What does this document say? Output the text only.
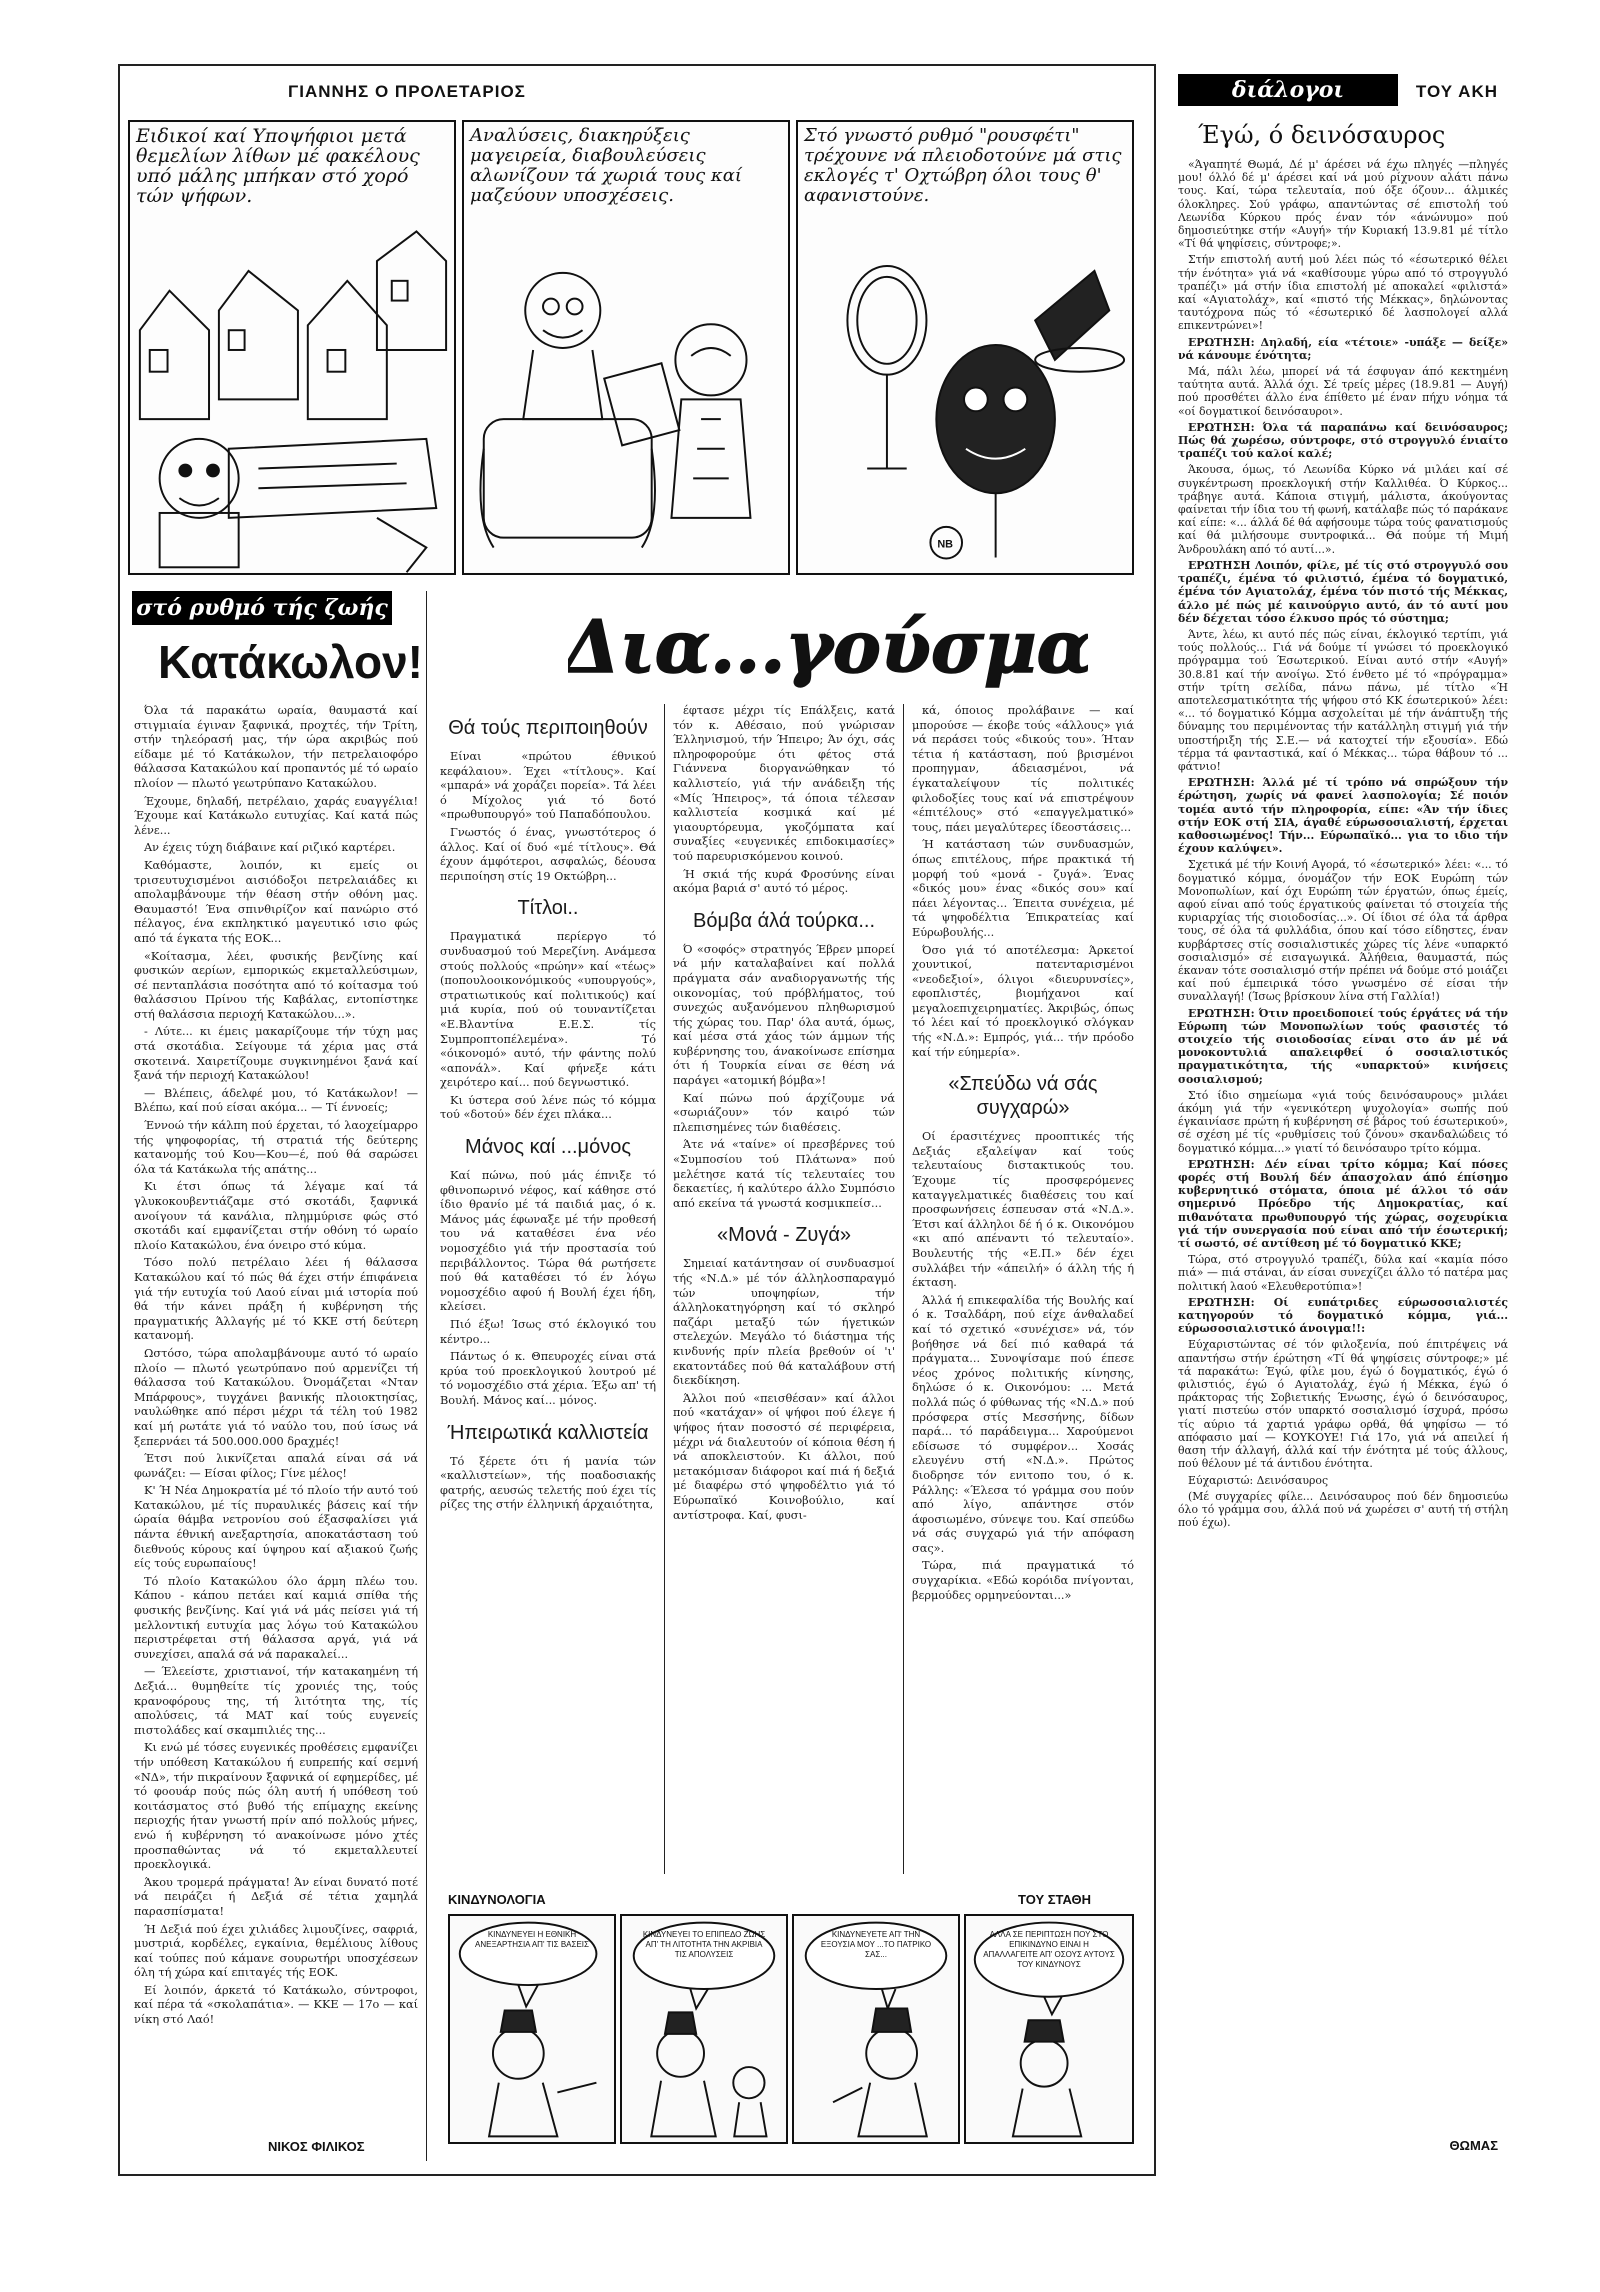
ΓΙΑΝΝΗΣ Ο ΠΡΟΛΕΤΑΡΙΟΣ	ΤΟΥ ΑΚΗ
Ειδικοί καί Υποψήφιοι μετά θεμελίων λίθων μέ φακέλους υπό μάλης μπήκαν στό χορό τών ψήφων.
Αναλύσεις, διακηρύξεις μαγειρεία, διαβουλεύσεις αλωνίζουν τά χωριά τους καί μαζεύουν υποσχέσεις.
NB
Στό γνωστό ρυθμό "ρουσφέτι" τρέχουνε νά πλειοδοτούνε μά στις εκλογές τ' Οχτώβρη όλοι τους θ' αφανιστούνε.
στό ρυθμό τής ζωής
Κατάκωλον!

Όλα τά παρακάτω ωραία, θαυμαστά καί στιγμιαία έγιναν ξαφνικά, προχτές, τήν Τρίτη, στήν τηλεόρασή μας, τήν ώρα ακριβώς πού είδαμε μέ τό Κατάκωλον, τήν πετρελαιοφόρο θάλασσα Κατακώλου καί προπαντός μέ τό ωραίο πλοίον — πλωτό γεωτρύπανο Κατακώλου.

Έχουμε, δηλαδή, πετρέλαιο, χαράς ευαγγέλια! Έχουμε καί Κατάκωλο ευτυχίας. Καί κατά πώς λένε...

Αν έχεις τύχη διάβαινε καί ριζικό καρτέρει.

Καθόμαστε, λοιπόν, κι εμείς οι τρισευτυχισμένοι αισιόδοξοι πετρελαιάδες κι απολαμβάνουμε τήν θέαση στήν οθόνη μας. Θαυμαστό! Ένα σπινθιρίζον καί πανώριο στό πέλαγος, ένα εκπληκτικό μαγευτικό ισιο φώς από τά έγκατα τής ΕΟΚ...

«Κοίτασμα, λέει, φυσικής βενζίνης καί φυσικών αερίων, εμπορικώς εκμεταλλεύσιμων, σέ πενταπλάσια ποσότητα από τό κοίτασμα τού θαλάσσιου Πρίνου τής Καβάλας, εντοπίστηκε στή θαλάσσια περιοχή Κατακώλου...».

- Λύτε... κι έμεις μακαρίζουμε τήν τύχη μας στά σκοτάδια. Σείγουμε τά χέρια μας στά σκοτεινά. Χαιρετίζουμε συγκινημένοι ξανά καί ξανά τήν περιοχή Κατακώλου!

— Βλέπεις, άδελφέ μου, τό Κατάκωλον! — Βλέπω, καί πού είσαι ακόμα... — Τί έννοείς;

Έννοώ τήν κάλπη πού έρχεται, τό λαοχείμαρρο τής ψηφοφορίας, τή στρατιά τής δεύτερης κατανομής τού Κου—Κου—έ, πού θά σαρώσει όλα τά Κατάκωλα τής απάτης...

Κι έτσι όπως τά λέγαμε καί τά γλυκοκουβεντιάζαμε στό σκοτάδι, ξαφνικά ανοίγουν τά κανάλια, πλημμύρισε φώς στό σκοτάδι καί εμφανίζεται στήν οθόνη τό ωραίο πλοίο Κατακώλου, ένα όνειρο στό κύμα.

Τόσο πολύ πετρέλαιο λέει ή θάλασσα Κατακώλου καί τό πώς θά έχει στήν έπιφάνεια γιά τήν ευτυχία τού Λαού είναι μιά ιστορία πού θά τήν κάνει πράξη ή κυβέρνηση τής πραγματικής Άλλαγής μέ τό ΚΚΕ στή δεύτερη κατανομή.

Ωστόσο, τώρα απολαμβάνουμε αυτό τό ωραίο πλοίο — πλωτό γεωτρύπανο πού αρμενίζει τή θάλασσα τού Κατακώλου. Όνομάζεται «Νταν Μπάρφους», τυγχάνει βανικής πλοιοκτησίας, ναυλώθηκε από πέρσι μέχρι τά τέλη τού 1982 καί μή ρωτάτε γιά τό ναύλο του, πού ίσως νά ξεπερνάει τά 500.000.000 δραχμές!

Έτσι πού λικνίζεται απαλά είναι σά νά φωνάζει: — Είσαι φίλος; Γίνε μέλος!

Κ' Ή Νέα Δημοκρατία μέ τό πλοίο τήν αυτό τού Κατακώλου, μέ τίς πυραυλικές βάσεις καί τήν ώραία θάμβα νετρονίου σού έξασφαλίσει γιά πάντα έθνική ανεξαρτησία, αποκατάσταση τού διεθνούς κύρους καί ύψηρου καί αξιακού ζωής είς τούς ευρωπαίους!

Τό πλοίο Κατακώλου όλο άρμη πλέω του. Κάπου - κάπου πετάει καί καμιά σπίθα τής φυσικής βενζίνης. Καί γιά νά μάς πείσει γιά τή μελλοντική ευτυχία μας λόγω τού Κατακώλου περιστρέφεται στή θάλασσα αργά, γιά νά συνεχίσει, απαλά σά νά παρακαλεί...

— Έλεείστε, χριστιανοί, τήν κατακαημένη τή Δεξιά... θυμηθείτε τίς χρονιές της, τούς κρανοφόρους της, τή λιτότητα της, τίς απολύσεις, τά ΜΑΤ καί τούς ευγενείς πιστολάδες καί σκαμπιλιές της...

Κι ενώ μέ τόσες ευγενικές προθέσεις εμφανίζει τήν υπόθεση Κατακώλου ή ευπρεπής καί σεμνή «ΝΔ», τήν πικραίνουν ξαφνικά οί εφημερίδες, μέ τό φοουάρ πούς πώς όλη αυτή ή υπόθεση τού κοιτάσματος στό βυθό τής επίμαχης εκείνης περιοχής ήταν γνωστή πρίν από πολλούς μήνες, ενώ ή κυβέρνηση τό ανακοίνωσε μόνο χτές προσπαθώντας νά τό εκμεταλλευτεί προεκλογικά.

Άκου τρομερά πράγματα! Άν είναι δυνατό ποτέ νά πειράζει ή Δεξιά σέ τέτια χαμηλά παρασπίσματα!

Ή Δεξιά πού έχει χιλιάδες λιμουζίνες, σαφριά, μυστριά, κορδέλες, εγκαίνια, θεμέλιους λίθους καί τούπες πού κάμανε σουρωτήρι υποσχέσεων όλη τή χώρα καί επιταγές τής ΕΟΚ.

Εί λοιπόν, άρκετά τό Κατάκωλο, σύντροφοι, καί πέρα τά «σκολαπάτια». — ΚΚΕ — 17ο — καί νίκη στό Λαό!

ΝΙΚΟΣ ΦΙΛΙΚΟΣ
Δια...γούσμα
Θά τούς περιποιηθούν

Είναι «πρώτου έθνικού κεφάλαιου». Έχει «τίτλους». Καί «μπαρά» νά χοράζει πορεία». Τά λέει ό Μίχολος γιά τό δοτό «πρωθυπουργό» τού Παπαδόπουλου.

Γνωστός ό ένας, γνωστότερος ό άλλος. Καί οί δυό «μέ τίτλους». Θά έχουν άμφότεροι, ασφαλώς, δέουσα περιποίηση στίς 19 Οκτώβρη...

Τίτλοι..

Πραγματικά περίεργο τό συνδυασμού τού Μερεζίνη. Ανάμεσα στούς πολλούς «πρώην» καί «τέως» (ποπουλοοικονόμικούς «υπουργούς», στρατιωτικούς καί πολιτικούς) καί μιά κυρία, πού ού τουναντίζεται «Ε.Βλαντίνα Ε.Ε.Σ. τίς Συμπροπτοπέλεμένα». Τό «όικονομό» αυτό, τήν φάντης πολύ «απονάλ». Καί φήνεξε κάτι χειρότερο καί... πού δεγνωστικό.

Κι ύστερα σού λένε πώς τό κόμμα τού «δοτού» δέν έχει πλάκα...

Μάνος καί ...μόνος

Καί πώνω, πού μάς έπνιξε τό φθινοπωρινό νέφος, καί κάθησε στό ίδιο θρανίο μέ τά παιδιά μας, ό κ. Μάνος μάς έφωναξε μέ τήν προθεσή του νά καταθέσει ένα νέο νομοσχέδιο γιά τήν προστασία τού περιβάλλοντος. Τώρα θά ρωτήσετε πού θά καταθέσει τό έν λόγω νομοσχέδιο αφού ή Βουλή έχει ήδη, κλείσει.

Πιό έξω! Ίσως στό έκλογικό του κέντρο...

Πάντως ό κ. Θπευροχές είναι στά κρύα τού προεκλογικού λουτρού μέ τό νομοσχέδιο στά χέρια. Έξω απ' τή Βουλή. Μάνος καί... μόνος.

Ήπειρωτικά καλλιστεία

Τό ξέρετε ότι ή μανία τών «καλλιστείων», τής ποαδοσιακής φατρής, αευσώς τελετής πού έχει τίς ρίζες της στήν έλληνική άρχαιότητα,

έφτασε μέχρι τίς Επάλξεις, κατά τόν κ. Αθέσαιο, πού γνώρισαν Έλληνισμού, τήν Ήπειρο; Άν όχι, σάς πληροφορούμε ότι φέτος στά Γιάννενα διοργανώθηκαν τό καλλιστείο, γιά τήν ανάδειξη τής «Μίς Ήπειρος», τά όποια τέλεσαν καλλιστεία κοσμικά καί μέ γιαουρτόρευμα, γκοζόμπατα καί συναξίες «ευγενικές επιδοκιμασίες» τού παρευρισκόμενου κοινού.

Ή σκιά τής κυρά Φροσύνης είναι ακόμα βαριά σ' αυτό τό μέρος.

Βόμβα άλά τούρκα...

Ό «σοφός» στρατηγός Έβρεν μπορεί νά μήν καταλαβαίνει καί πολλά πράγματα σάν αναδιοργανωτής τής οικονομίας, τού πρόβλήματος, τού συνεχώς αυξανόμενου πληθωρισμού τής χώρας του. Παρ' όλα αυτά, όμως, καί μέσα στά χάος τών άμμων τής κυβέρνησης του, άνακοίνωσε επίσημα ότι ή Τουρκία είναι σε θέση νά παράγει «ατομική βόμβα»!

Καί πώνω πού άρχίζουμε νά «σωριάζουν» τόν καιρό τών πλεπισημένες τών διαθέσεις.

Άτε νά «ταίνε» οί πρεσβέρνες τού «Συμποσίου τού Πλάτωνα» πού μελέτησε κατά τίς τελευταίες του δεκαετίες, ή καλύτερο άλλο Συμπόσιο από εκείνα τά γνωστά κοσμικπείσ...

«Μονά - Ζυγά»

Σημειαί κατάντησαν οί συνδυασμοί τής «Ν.Δ.» μέ τόν άλληλοσπαραγμό τών υποψηφίων, τήν άλληλοκατηγόρηση καί τό σκληρό παζάρι μεταξύ τών ήγετικών στελεχών. Μεγάλο τό διάστημα τής κινδυνής πρίν πλεία βρεθούν οί 'ι' εκατοντάδες πού θά καταλάβουν στή διεκδίκηση.

Άλλοι πού «πεισθέσαν» καί άλλοι πού «κατάχαν» οί ψήφοι πού έλεγε ή ψήφος ήταν ποσοστό σέ περιφέρεια, μέχρι νά διαλευτούν οί κόποια θέση ή νά αποκλειστούν. Κι άλλοι, πού μετακόμισαν διάφοροι καί πιά ή δεξιά μέ διαφέρω στό ψηφοδέλτιο γιά τό Εύρωπαϊκό Κοινοβούλιο, καί αντίστροφα. Καί, φυσι-

κά, όποιος προλάβαινε — καί μπορούσε — έκοβε τούς «άλλους» γιά νά περάσει τούς «δικούς του». Ήταν τέτια ή κατάσταση, πού βρισμένοι προπηγμαν, άδειασμένοι, νά έγκαταλείψουν τίς πολιτικές φιλοδοξίες τους καί νά επιστρέψουν «έπιτέλους» στό «επαγγελματικό» τους, πάει μεγαλύτερες ίδεοστάσεις...

Ή κατάσταση τών συνδυασμών, όπως επιτέλους, πήρε πρακτικά τή μορφή τού «μονά - ζυγά». Ένας «δικός μου» ένας «δικός σου» καί πάει λέγοντας... Έπειτα συνέχεια, μέ τά ψηφοδέλτια Έπικρατείας καί Εύρωβουλής...

Όσο γιά τό αποτέλεσμα: Άρκετοί χουντικοί, πατενταρισμένοι «νεοδεξιοί», όλιγοι «διευρυνσίες», εφοπλιστές, βιομήχανοι καί μεγαλοεπιχειρηματίες. Άκριβώς, όπως τό λέει καί τό προεκλογικό σλόγκαν τής «Ν.Δ.»: Εμπρός, γιά... τήν πρόοδο καί τήν εύημερία».

«Σπεύδω νά σάς συγχαρώ»

Οί έρασιτέχνες προοπτικές τής Δεξιάς εξαλείψαν καί τούς τελευταίους διστακτικούς του. Έχουμε τίς προσφερόμενες καταγγελματικές διαθέσεις του καί προσφωνήσεις έσπευσαν στά «Ν.Δ.». Έτσι καί άλληλοι δέ ή ό κ. Οικονόμου «κι από απέναντι τό τελευταίο». Βουλευτής τής «Ε.Π.» δέν έχει συλλάβει τήν «άπειλή» ό άλλη τής ή έκταση.

Άλλά ή επικεφαλίδα τής Βουλής καί ό κ. Τσαλδάρη, πού είχε άνθαλαδεί καί τό σχετικό «συνέχισε» νά, τόν βοήθησε νά δεί πιό καθαρά τά πράγματα... Συνοψίσαμε πού έπεσε νέος χρόνος πολιτικής κίνησης, δηλώσε ό κ. Οικονόμου: ... Μετά πολλά πώς ό φύθωνας τής «Ν.Δ.» πού πρόσφερα στίς Μεσσήνης, δίδων παρά... τό παράδειγμα... Χαρούμενοι εδίσωσε τό συμφέρον... Χοσάς ελευγένυ στή «Ν.Δ.». Πρώτος διοδρησε τόν ενιτοπο του, ό κ. Ράλλης: «Έλεσα τό γράμμα σου πούν από λίγο, απάντησε στόν άφοσιωμένο, σύνεψε του. Καί σπεύδω νά σάς συγχαρώ γιά τήν απόφαση σας».

Τώρα, πιά πραγματικά τό συγχαρίκια. «Εδώ κορόιδα πνίγονται, βερμούδες ορμηνεύονται...»

ΚΙΝΔΥΝΟΛΟΓΙΑ	ΤΟΥ ΣΤΑΘΗ
ΚΙΝΔΥΝΕΥΕΙ Η ΕΘΝΙΚΗ ΑΝΕΞΑΡΤΗΣΙΑ ΑΠ' ΤΙΣ ΒΑΣΕΙΣ
ΚΙΝΔΥΝΕΥΕΙ ΤΟ ΕΠΙΠΕΔΟ ΖΩΗΣ ΑΠ' ΤΗ ΛΙΤΟΤΗΤΑ ΤΗΝ ΑΚΡΙΒΙΑ ΤΙΣ ΑΠΟΛΥΣΕΙΣ
ΚΙΝΔΥΝΕΥΕΤΕ ΑΠ' ΤΗΝ ΕΞΟΥΣΙΑ ΜΟΥ ...ΤΟ ΠΑΤΡΙΚΟ ΣΑΣ...
ΑΛΛΑ ΣΕ ΠΕΡΙΠΤΩΣΗ ΠΟΥ ΣΤΟ ΕΠΙΚΙΝΔΥΝΟ ΕΙΝΑΙ Η ΑΠΑΛΛΑΓΕΙΤΕ ΑΠ' ΟΣΟΥΣ ΑΥΤΟΥΣ ΤΟΥ ΚΙΝΔΥΝΟΥΣ
διάλογοι
Έγώ, ό δεινόσαυρος

«Άγαπητέ Θωμά, Δέ μ' άρέσει νά έχω πληγές —πληγές μου! όλλό δέ μ' άρέσει καί νά μού ρίχνουν αλάτι πάνω τους. Καί, τώρα τελευταία, πού όξε όζουν... άλμικές όλοκληρες. Σού γράφω, απαντώντας σέ επιστολή τού Λεωνίδα Κύρκου πρός έναν τόν «άνώνυμο» πού δημοσιεύτηκε στήν «Αυγή» τήν Κυριακή 13.9.81 μέ τίτλο «Τί θά ψηφίσεις, σύντροφε;».

Στήν επιστολή αυτή μού λέει πώς τό «έσωτερικό θέλει τήν ένότητα» γιά νά «καθίσουμε γύρω από τό στρογγυλό τραπέζι» μά στήν ίδια επιστολή μέ αποκαλεί «φιλιστά» καί «Αγιατολάχ», καί «πιστό τής Μέκκας», δηλώνοντας ταυτόχρονα πώς τό «έσωτερικό δέ λασπολογεί αλλά επικεντρώνει»!

ΕΡΩΤΗΣΗ: Δηλαδή, εία «τέτοιε» -υπάξε — δείξε» νά κάνουμε ένότητα;

Μά, πάλι λέω, μπορεί νά τά έσφυγαν άπό κεκτημένη ταύτητα αυτά. Άλλά όχι. Σέ τρείς μέρες (18.9.81 — Αυγή) πού προσθέτει άλλο ένα έπίθετο μέ έναν πήχυ νόημα τά «οί δογματικοί δεινόσαυροι».

ΕΡΩΤΗΣΗ: Όλα τά παραπάνω καί δεινόσαυρος; Πώς θά χωρέσω, σύντροφε, στό στρογγυλό ένιαίτο τραπέζι τού καλοί καλέ;

Άκουσα, όμως, τό Λεωνίδα Κύρκο νά μιλάει καί σέ συγκέντρωση προεκλογική στήν Καλλιθέα. Ό Κύρκος... τράβηγε αυτά. Κάποια στιγμή, μάλιστα, άκούγοντας φαίνεται τήν ίδια του τή φωνή, κατάλαβε πώς τό παράκανε καί είπε: «... άλλά δέ θά αφήσουμε τώρα τούς φανατισμούς καί θά μιλήσουμε συντροφικά... Θά πούμε τή Μιμή Άνδρουλάκη από τό αυτί...».

ΕΡΩΤΗΣΗ Λοιπόν, φίλε, μέ τίς στό στρογγυλό σου τραπέζι, έμένα τό φιλιστιό, έμένα τό δογματικό, έμένα τόν Αγιατολάχ, έμένα τόν πιστό τής Μέκκας, άλλο μέ πώς μέ καινούργιο αυτό, άν τό αυτί μου δέν δέχεται τόσο έλκυσο πρός τό σύστημα;

Άντε, λέω, κι αυτό πές πώς είναι, έκλογικό τερτίπι, γιά τούς πολλούς... Γιά νά δούμε τί γνώσει τό προεκλογικό πρόγραμμα τού Έσωτερικού. Είναι αυτό στήν «Αυγή» 30.8.81 καί τήν ανοίγω. Στό ένθετο μέ τό «πρόγραμμα» στήν τρίτη σελίδα, πάνω πάνω, μέ τίτλο «Ή αποτελεσματικότητα τής ψήφου στό ΚΚ έσωτερικού» λέει: «... τό δογματικό Κόμμα ασχολείται μέ τήν άνάπτυξη τής δύναμης του περιμένοντας τήν κατάλληλη στιγμή γιά τήν υποστήριξη τής Σ.Ε.— νά κατοχτεί τήν εξουσία». Εδώ τέρμα τά φανταστικά, καί ό Μέκκας... τώρα θάβουν τό ... φάτνιο!

ΕΡΩΤΗΣΗ: Άλλά μέ τί τρόπο νά σπρώξουν τήν έρώτηση, χωρίς νά φανεί λασπολογία; Σέ ποιόν τομέα αυτό τήν πληροφορία, είπε: «Άν τήν ίδιες στήν ΕΟΚ στή ΣΙΑ, άγαθέ εύρωσοσιαλιστή, έρχεται καθοσιωμένος! Τήν... Εύρωπαϊκό... για το ιδιο τήν έχουν καλύψει».

Σχετικά μέ τήν Κοινή Αγορά, τό «έσωτερικό» λέει: «... τό δογματικό κόμμα, όνομάζον τήν ΕΟΚ Ευρώπη τών Μονοπωλίων, καί όχι Ευρώπη τών έργατών, όπως έμείς, αφού είναι από τούς έργατικούς φαίνεται τό στοιχεία τής κυριαρχίας τής σιοιοδοσίας...». Οί ίδιοι σέ όλα τά άρθρα τους, σέ όλα τά φυλλάδια, όπου καί τόσο είδηστες, έναν κυρβάρτσες στίς σοσιαλιστικές χώρες τίς λένε «υπαρκτό σοσιαλισμό» σέ εισαγωγικά. Άλήθεια, θαυμαστά, πώς έκαναν τότε σοσιαλισμό στήν πρέπει νά δούμε στό μοιάζει καί πού έμπειρικά τόσο γνωσμένο σέ είσαι τήν συναλλαγή! (Ίσως βρίσκουν λίνα στή Γαλλία!)

ΕΡΩΤΗΣΗ: Ότιν προειδοποιεί τούς έργάτες νά τήν Εύρωπη τών Μονοπωλίων τούς φασιστές τό στοιχείο τής σιοιοδοσίας είναι στο άν μέ νά μονοκοντυλιά απαλειφθεί ό σοσιαλιστικός πραγματικότητα, τής «υπαρκτού» κινήσεις σοσιαλισμού;

Στό ίδιο σημείωμα «γιά τούς δεινόσαυρους» μιλάει άκόμη γιά τήν «γενικότερη ψυχολογία» σωπής πού έγκαινίασε πρώτη ή κυβέρνηση σέ βάρος τού έσωτερικού», σέ σχέση μέ τίς «ρυθμίσεις τού ζόνου» σκανδαλώδεις τό δογματικό κόμμα...» γιατί τό δεινόσαυρο τρίτο κόμμα.

ΕΡΩΤΗΣΗ: Δέν είναι τρίτο κόμμα; Καί πόσες φορές στή Βουλή δέν άπασχολαν άπό έπίσημο κυβερνητικό στόματα, όποια μέ άλλοι τό σάν σημερινό Πρόεδρο τής Δημοκρατίας, καί πιθανότατα πρωθυπουργό τής χώρας, σοχευρίκια γιά τήν συνεργασία πού είναι από τήν έσωτερική; τί σωστό, σέ αντίθεση μέ τό δογματικό ΚΚΕ;

Τώρα, στό στρογγυλό τραπέζι, δύλα καί «καμία πόσο πιά» — πιά στάναι, άν είσαι συνεχίζει άλλο τό πατέρα μας πολιτική λαού «Ελευθεροτύπια»!

ΕΡΩΤΗΣΗ: Οί ευπάτριδες εύρωσοσιαλιστές κατηγορούν τό δογματικό κόμμα, γιά... εύρωσοσιαλιστικό άνοιγμα!!:

Εύχαριστώντας σέ τόν φιλοξενία, πού έπιτρέψεις νά απαντήσω στήν έρώτηση «Τί θά ψηφίσεις σύντροφε;» μέ τά παρακάτω: Έγώ, φίλε μου, έγώ ό δογματικός, έγώ ό φιλιστιός, έγώ ό Αγιατολάχ, έγώ ή Μέκκα, έγώ ό πράκτορας τής Σοβιετικής Ένωσης, έγώ ό δεινόσαυρος, γιατί πιστεύω στόν υπαρκτό σοσιαλισμό ίσχυρά, πρόσω τίς αύριο τά χαρτιά γράφω ορθά, θά ψηφίσω — τό απόφασιο μαί — ΚΟΥΚΟΥΕ! Γιά 17ο, γιά νά απειλεί ή θαση τήν άλλαγή, άλλά καί τήν ένότητα μέ τούς άλλους, πού θέλουν μέ τά άντιδου ένότητα.

Εύχαριστώ: Δεινόσαυρος

(Μέ συγχαρίες φίλε... Δεινόσαυρος πού δέν δημοσιεύω όλο τό γράμμα σου, άλλά πού νά χωρέσει σ' αυτή τή στήλη πού έχω).

ΘΩΜΑΣ
